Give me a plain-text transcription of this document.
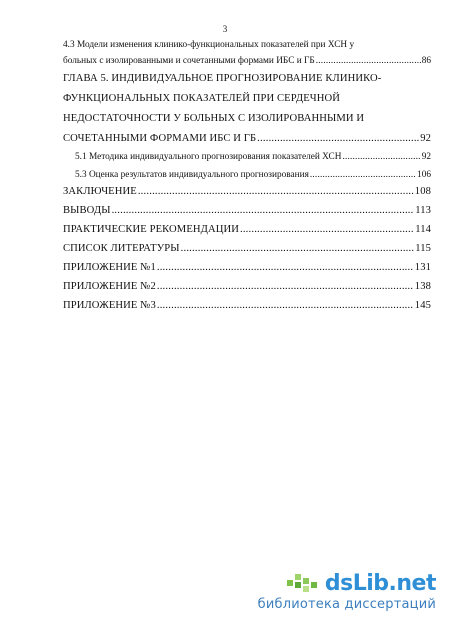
3
4.3 Модели изменения клинико-функциональных показателей при ХСН у
больных с изолированными и сочетанными формами ИБС и ГБ .....	86
ГЛАВА 5. ИНДИВИДУАЛЬНОЕ ПРОГНОЗИРОВАНИЕ КЛИНИКО-
ФУНКЦИОНАЛЬНЫХ ПОКАЗАТЕЛЕЙ ПРИ СЕРДЕЧНОЙ
НЕДОСТАТОЧНОСТИ У БОЛЬНЫХ С ИЗОЛИРОВАННЫМИ И
СОЧЕТАННЫМИ ФОРМАМИ ИБС И ГБ .....	92
5.1 Методика индивидуального прогнозирования показателей ХСН .....	92
5.3 Оценка результатов индивидуального прогнозирования .....	106
ЗАКЛЮЧЕНИЕ .....	108
ВЫВОДЫ .....	113
ПРАКТИЧЕСКИЕ РЕКОМЕНДАЦИИ .....	114
СПИСОК ЛИТЕРАТУРЫ .....	115
ПРИЛОЖЕНИЕ №1 .....	131
ПРИЛОЖЕНИЕ №2 .....	138
ПРИЛОЖЕНИЕ №3 .....	145
dsLib.net
библиотека диссертаций
